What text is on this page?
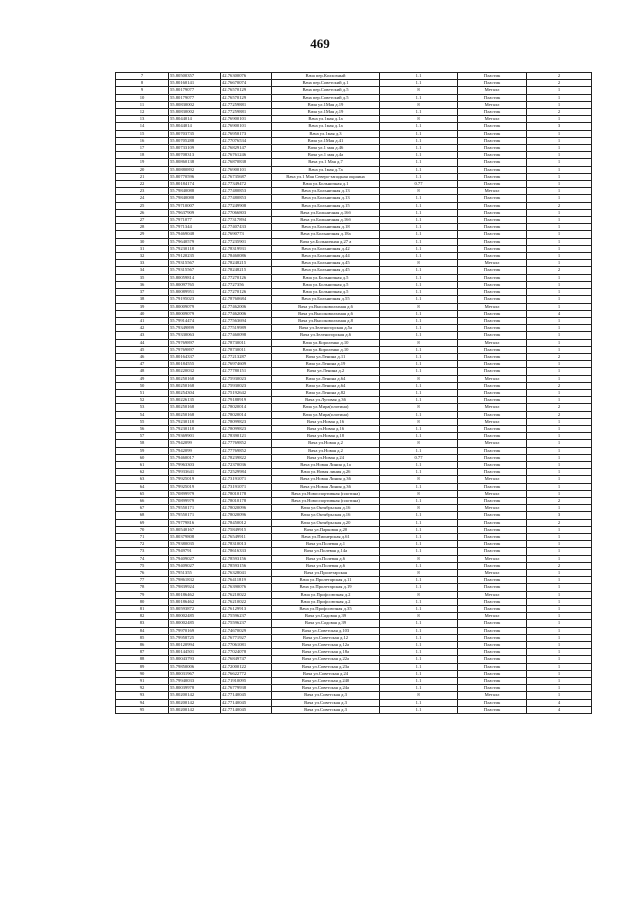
469
7	55.80500357	42.76300076	Вача пер.Колхозный	1.1	Пластик	2
8	55.80160141	42.76670074	Вача пер.Советский д.1	1.1	Пластик	2
9	55.80179077	42.76570129	Вача пер.Советский д.5	8	Металл	1
10	55.80179077	42.76570129	Вача пер.Советский д.5	1.1	Пластик	1
11	55.80830002	42.77259881	Вача ул.1Мая д.19	8	Металл	1
12	55.80830002	42.77259881	Вача ул.1Мая д.19	1.1	Пластик	2
13	55.8044014	42.76900101	Вача ул.1мая д.1а	8	Металл	1
14	55.8044014	42.76900101	Вача ул.1мая д.1а	1.1	Пластик	3
15	55.80703735	42.76950173	Вача ул.1мая д.3	1.1	Пластик	1
16	55.80705288	42.77076534	Вача ул.1Мая д.41	1.1	Пластик	1
17	55.80733109	42.76829147	Вача ул.1 мая д.46	1.1	Пластик	1
18	55.80708313	42.76761246	Вача ул.1 мая д.4а	1.1	Пластик	1
19	55.80860138	42.76870838	Вача ул.1 Мая д.7	1.1	Пластик	1
20	55.80880892	42.76900101	Вача ул.1мая д.7а	1.1	Пластик	1
21	55.80770596	42.76735687	Вача ул.1 Мая Северо-западная окраина	1.1	Пластик	1
22	55.80184174	42.77349472	Вача ул.Больничная д.1	0.77	Пластик	1
23	55.79840088	42.77480853	Вача ул.Больничная д.13	8	Металл	1
24	55.79840088	42.77480853	Вача ул.Больничная д.13	1.1	Пластик	1
25	55.79710007	42.77249908	Вача ул.Больничная д.15	1.1	Пластик	2
26	55.79637909	42.77066803	Вача ул.Больничная д.16б	1.1	Пластик	1
27	55.7971077	42.77317894	Вача ул.Больничная д.16б	1.1	Пластик	1
28	55.7971344	42.77407433	Вача ул.Больничная д.18	1.1	Пластик	1
29	55.79469048	42.7690773	Вача ул.Больничная д.18а	1.1	Пластик	1
30	55.79640579	42.77235901	Вача ул.Больничная д.27 а	1.1	Пластик	1
31	55.79230118	42.78319931	Вача ул.Больничная д.42	1.1	Пластик	1
32	55.79120235	42.78460086	Вача ул.Больничная д.44	1.1	Пластик	1
33	55.79315567	42.78248215	Вача ул.Больничная д.45	8	Металл	1
34	55.79315567	42.78248215	Вача ул.Больничная д.45	1.1	Пластик	2
35	55.80059814	42.77270126	Вача ул.Больничная д.5	1.1	Пластик	1
36	55.80097765	42.7727356	Вача ул.Больничная д.5	1.1	Пластик	1
37	55.80089951	42.77270126	Вача ул.Больничная д.5	1.1	Пластик	1
38	55.79195023	42.78760684	Вача ул.Больничная д.55	1.1	Пластик	1
39	55.80009079	42.77462006	Вача ул.Высоковольтная д.6	8	Металл	1
40	55.80009079	42.77462006	Вача ул.Высоковольтная д.6	1.1	Пластик	4
41	55.79914474	42.77563694	Вача ул.Высоковольтная д.8	1.1	Пластик	1
42	55.79349899	42.77519989	Вача ул.Зеленогорская д.5а	1.1	Пластик	1
43	55.79330063	42.77460098	Вача ул.Зеленогорская д.6	1.1	Пластик	1
44	55.79769897	42.78730011	Вача ул.Короленко д.10	8	Металл	1
45	55.79769897	42.78730011	Вача ул.Короленко д.10	1.1	Пластик	1
46	55.80164337	42.77213287	Вача ул.Ленина д.11	1.1	Пластик	2
47	55.80184555	42.76974609	Вача ул.Ленина д.19	1.1	Пластик	1
48	55.80220032	42.77780151	Вача ул.Ленина д.2	1.1	Пластик	1
49	55.80250168	42.75930023	Вача ул.Ленина д.64	8	Металл	1
50	55.80250168	42.75930023	Вача ул.Ленина д.64	1.1	Пластик	2
51	55.80254304	42.75192642	Вача ул.Ленина д.82	1.1	Пластик	1
52	55.80226135	42.79188919	Вача ул.Луговая д.36	1.1	Пластик	1
53	55.80250168	42.78020014	Вача ул.Мира(плотина)	8	Металл	2
54	55.80250168	42.78020014	Вача ул.Мира(плотина)	1.1	Пластик	2
55	55.79230118	42.78099823	Вача ул.Новая д.16	8	Металл	1
56	55.79230118	42.78099823	Вача ул.Новая д.16	1.1	Пластик	1
57	55.79369901	42.78390121	Вача ул.Новая д.18	1.1	Пластик	1
58	55.7942099	42.77769852	Вача ул.Новая д.2	8	Металл	1
59	55.7942099	42.77769852	Вача ул.Новая д.2	1.1	Пластик	1
60	55.79460017	42.78239822	Вача ул.Новая д.24	0.77	Пластик	1
61	55.79963303	42.72370036	Вача ул.Новая Линия д.1а	1.1	Пластик	1
62	55.79933641	42.72529984	Вача ул.Новая линия д.26	1.1	Пластик	1
63	55.79925019	42.73191071	Вача ул.Новая Линия д.36	8	Металл	1
64	55.79925019	42.73191071	Вача ул.Новая Линия д.36	1.1	Пластик	1
65	55.70899979	42.78010178	Вача ул.Новоспортивная (плотина)	8	Металл	1
66	55.70899979	42.78010178	Вача ул.Новоспортивная (плотина)	1.1	Пластик	2
67	55.79550171	42.78020096	Вача ул.Октябрьская д.16	8	Металл	1
68	55.79550171	42.78020096	Вача ул.Октябрьская д.16	1.1	Пластик	3
69	55.79779816	42.78450012	Вача ул.Октябрьская д.20	1.1	Пластик	2
70	55.80540167	42.75849915	Вача ул.Парковая д.20	1.1	Пластик	1
71	55.80379808	42.76549911	Вача ул.Пионерская д.61	1.1	Пластик	1
72	55.79380035	42.78310013	Вача ул.Полевая д.1	1.1	Пластик	1
73	55.7949791	42.78616333	Вача ул.Полевая д.14а	1.1	Пластик	1
74	55.79409027	42.78593156	Вача ул.Полевая д.6	8	Металл	1
75	55.79409027	42.78593156	Вача ул.Полевая д.6	1.1	Пластик	2
76	55.7951355	42.76328041	Вача ул.Пролетарская	8	Металл	1
77	55.79861832	42.76411819	Вача ул.Пролетарская д.11	1.1	Пластик	1
78	55.79839924	42.76390076	Вача ул.Пролетарская д.19	1.1	Пластик	1
79	55.80186462	42.76210022	Вача ул.Профсоюзная д.2	8	Металл	1
80	55.80186462	42.76210022	Вача ул.Профсоюзная д.2	1.1	Пластик	1
81	55.80593872	42.76129913	Вача ул.Профсоюзная д.35	1.1	Пластик	1
82	55.80002485	42.75596237	Вача ул.Садовая д.39	8	Металл	1
83	55.80002485	42.75596237	Вача ул.Садовая д.39	1.1	Пластик	1
84	55.79970169	42.74670029	Вача ул.Советская д.103	1.1	Пластик	1
85	55.79958725	42.76771927	Вача ул.Советская д.12	1.1	Пластик	1
86	55.80120994	42.77061081	Вача ул.Советская д.12а	1.1	Пластик	1
87	55.80144501	42.77024078	Вача ул.Советская д.18а	1.1	Пластик	1
88	55.80043793	42.76849747	Вача ул.Советская д.22а	1.1	Пластик	1
89	55.79850006	42.72000122	Вача ул.Советская д.23а	1.1	Пластик	1
90	55.80031967	42.76622772	Вача ул.Советская д.24	1.1	Пластик	1
91	55.79940033	42.71910095	Вача ул.Советская д.240	1.1	Пластик	1
92	55.80039978	42.76779938	Вача ул.Советская д.24а	1.1	Пластик	1
93	55.80200142	42.77140045	Вача ул.Советская д.3	8	Металл	1
94	55.80200142	42.77140045	Вача ул.Советская д.3	1.1	Пластик	4
95	55.80200142	42.77140045	Вача ул.Советская д.3	1.1	Пластик	4
